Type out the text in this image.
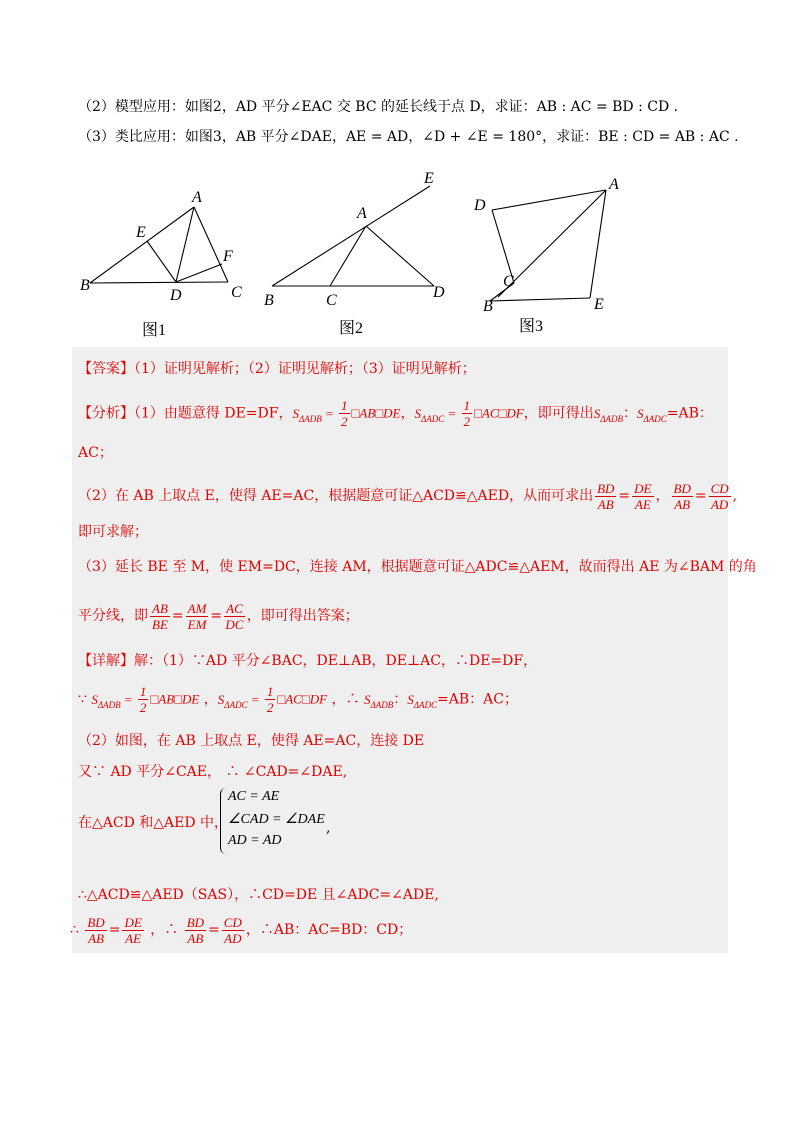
（2）模型应用：如图2，AD 平分∠EAC 交 BC 的延长线于点 D，求证：AB : AC = BD : CD .
（3）类比应用：如图3，AB 平分∠DAE，AE = AD，∠D + ∠E = 180°，求证：BE : CD = AB : AC .
A
E
F
B
D	C
图1
E
A
B	C	D
图2
A
D
C
B	E
图3
【答案】（1）证明见解析；（2）证明见解析；（3）证明见解析；
【分析】（1）由题意得 DE=DF，$S_{\Delta ADB} = \frac{1}{2}$ □AB□DE，$S_{\Delta ADC} = \frac{1}{2}$ □AC□DF，即可得出$S_{\Delta ADB}$：$S_{\Delta ADC}=AB$：
AC；
（2）在 AB 上取点 E，使得 AE=AC，根据题意可证△ACD≌△AED，从而可求出 $\frac{BD}{AB} = \frac{DE}{AE}$ ， $\frac{BD}{AB} = \frac{CD}{AD}$ ,
即可求解；
（3）延长 BE 至 M，使 EM=DC，连接 AM，根据题意可证△ADC≌△AEM，故而得出 AE 为∠BAM 的角
平分线，即 $\frac{AB}{BE} = \frac{AM}{EM} = \frac{AC}{DC}$ ，即可得出答案；
【详解】解：（1）∵AD 平分∠BAC，DE⊥AB，DE⊥AC，∴DE=DF，
∵ $S_{\Delta ADB} = \frac{1}{2}$ □AB□DE ，$S_{\Delta ADC} = \frac{1}{2}$ □AC□DF ，∴ $S_{\Delta ADB}$：$S_{\Delta ADC}=AB$：AC；
（2）如图，在 AB 上取点 E，使得 AE=AC，连接 DE
又∵ AD 平分∠CAE， ∴ ∠CAD=∠DAE,
在△ACD 和△AED 中，
AC = AE
∠CAD = ∠DAE
AD = AD
,
∴△ACD≌△AED（SAS），∴CD=DE 且∠ADC=∠ADE,
∴ $\frac{BD}{AB} = \frac{DE}{AE}$ ，∴ $\frac{BD}{AB} = \frac{CD}{AD}$ ，∴AB：AC=BD：CD；
